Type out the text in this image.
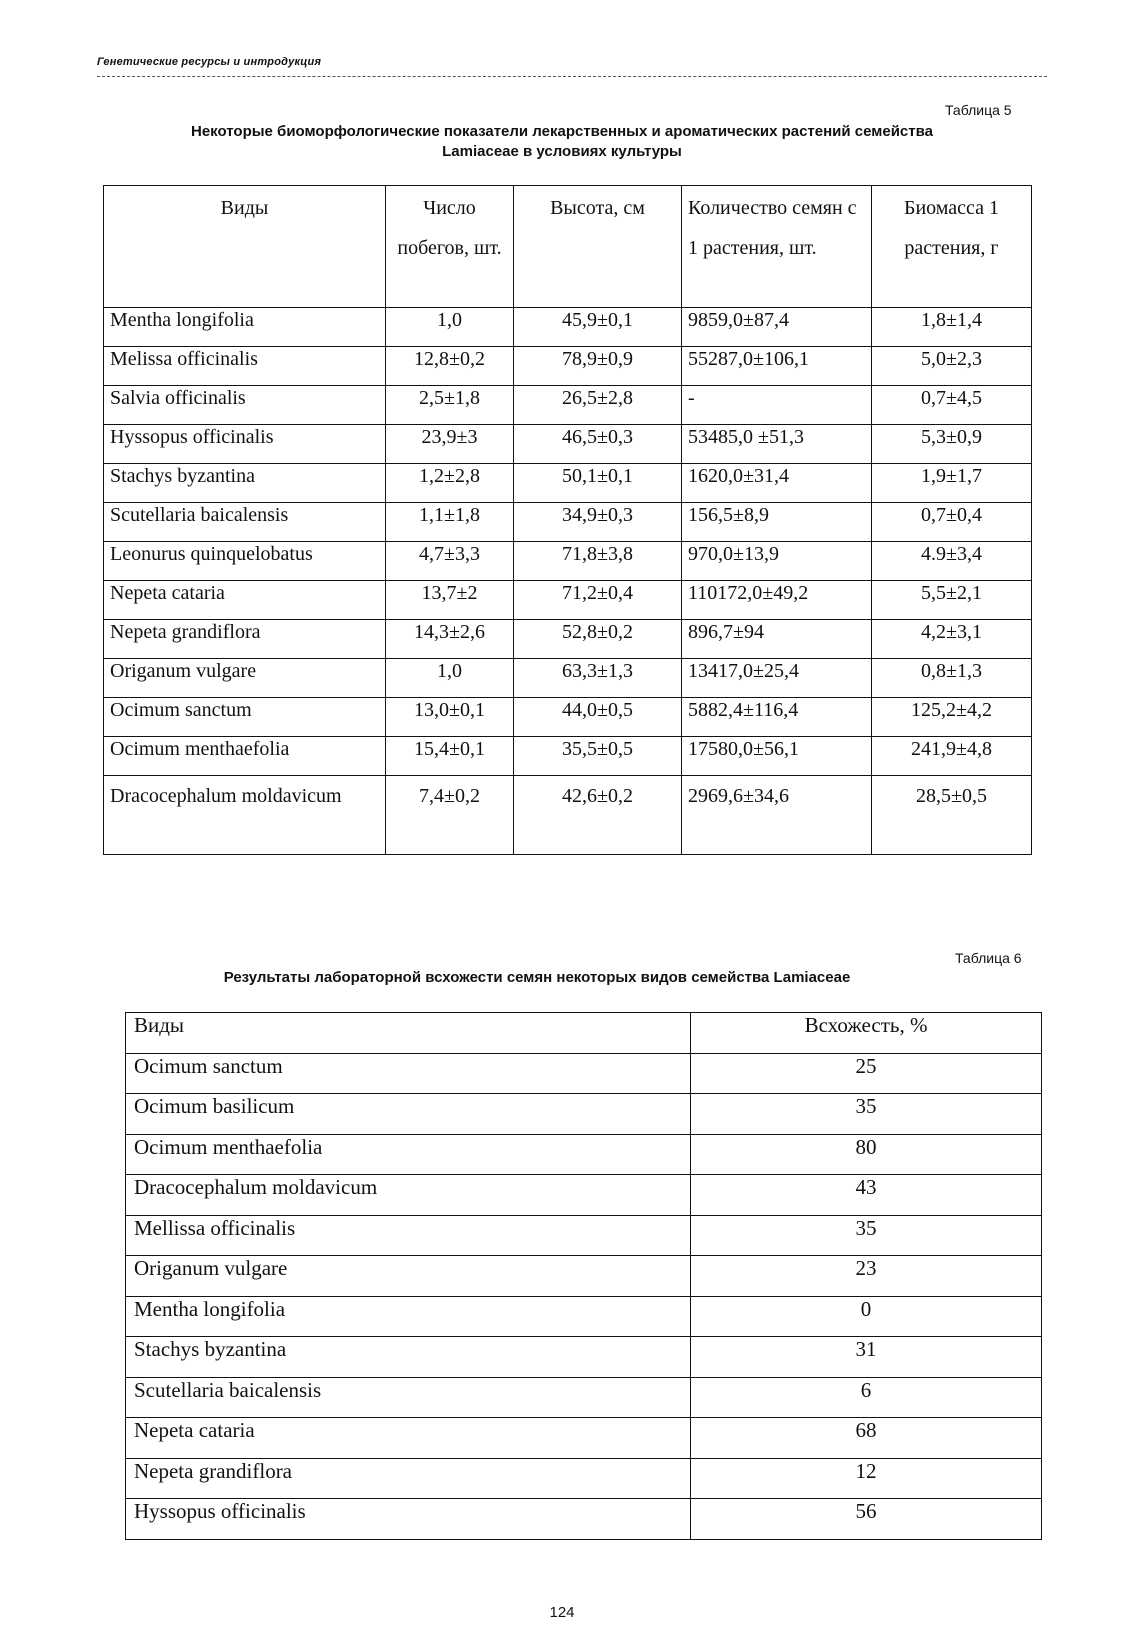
Генетические ресурсы и интродукция
Таблица 5
Некоторые биоморфологические показатели лекарственных и ароматических растений семейства
Lamiaceae в условиях культуры
Виды	Число побегов, шт.	Высота, см	Количество семян с 1 растения, шт.	Биомасса 1 растения, г
Mentha longifolia	1,0	45,9±0,1	9859,0±87,4	1,8±1,4
Melissa officinalis	12,8±0,2	78,9±0,9	55287,0±106,1	5,0±2,3
Salvia officinalis	2,5±1,8	26,5±2,8	-	0,7±4,5
Hyssopus officinalis	23,9±3	46,5±0,3	53485,0 ±51,3	5,3±0,9
Stachys byzantina	1,2±2,8	50,1±0,1	1620,0±31,4	1,9±1,7
Scutellaria baicalensis	1,1±1,8	34,9±0,3	156,5±8,9	0,7±0,4
Leonurus quinquelobatus	4,7±3,3	71,8±3,8	970,0±13,9	4.9±3,4
Nepeta cataria	13,7±2	71,2±0,4	110172,0±49,2	5,5±2,1
Nepeta grandiflora	14,3±2,6	52,8±0,2	896,7±94	4,2±3,1
Origanum vulgare	1,0	63,3±1,3	13417,0±25,4	0,8±1,3
Ocimum sanctum	13,0±0,1	44,0±0,5	5882,4±116,4	125,2±4,2
Ocimum menthaefolia	15,4±0,1	35,5±0,5	17580,0±56,1	241,9±4,8
Dracocephalum moldavicum	7,4±0,2	42,6±0,2	2969,6±34,6	28,5±0,5
Таблица 6
Результаты лабораторной всхожести семян некоторых видов семейства Lamiaceae
Виды	Всхожесть, %
Ocimum sanctum	25
Ocimum basilicum	35
Ocimum menthaefolia	80
Dracocephalum moldavicum	43
Mellissa officinalis	35
Origanum vulgare	23
Mentha longifolia	0
Stachys byzantina	31
Scutellaria baicalensis	6
Nepeta cataria	68
Nepeta grandiflora	12
Hyssopus officinalis	56
124
